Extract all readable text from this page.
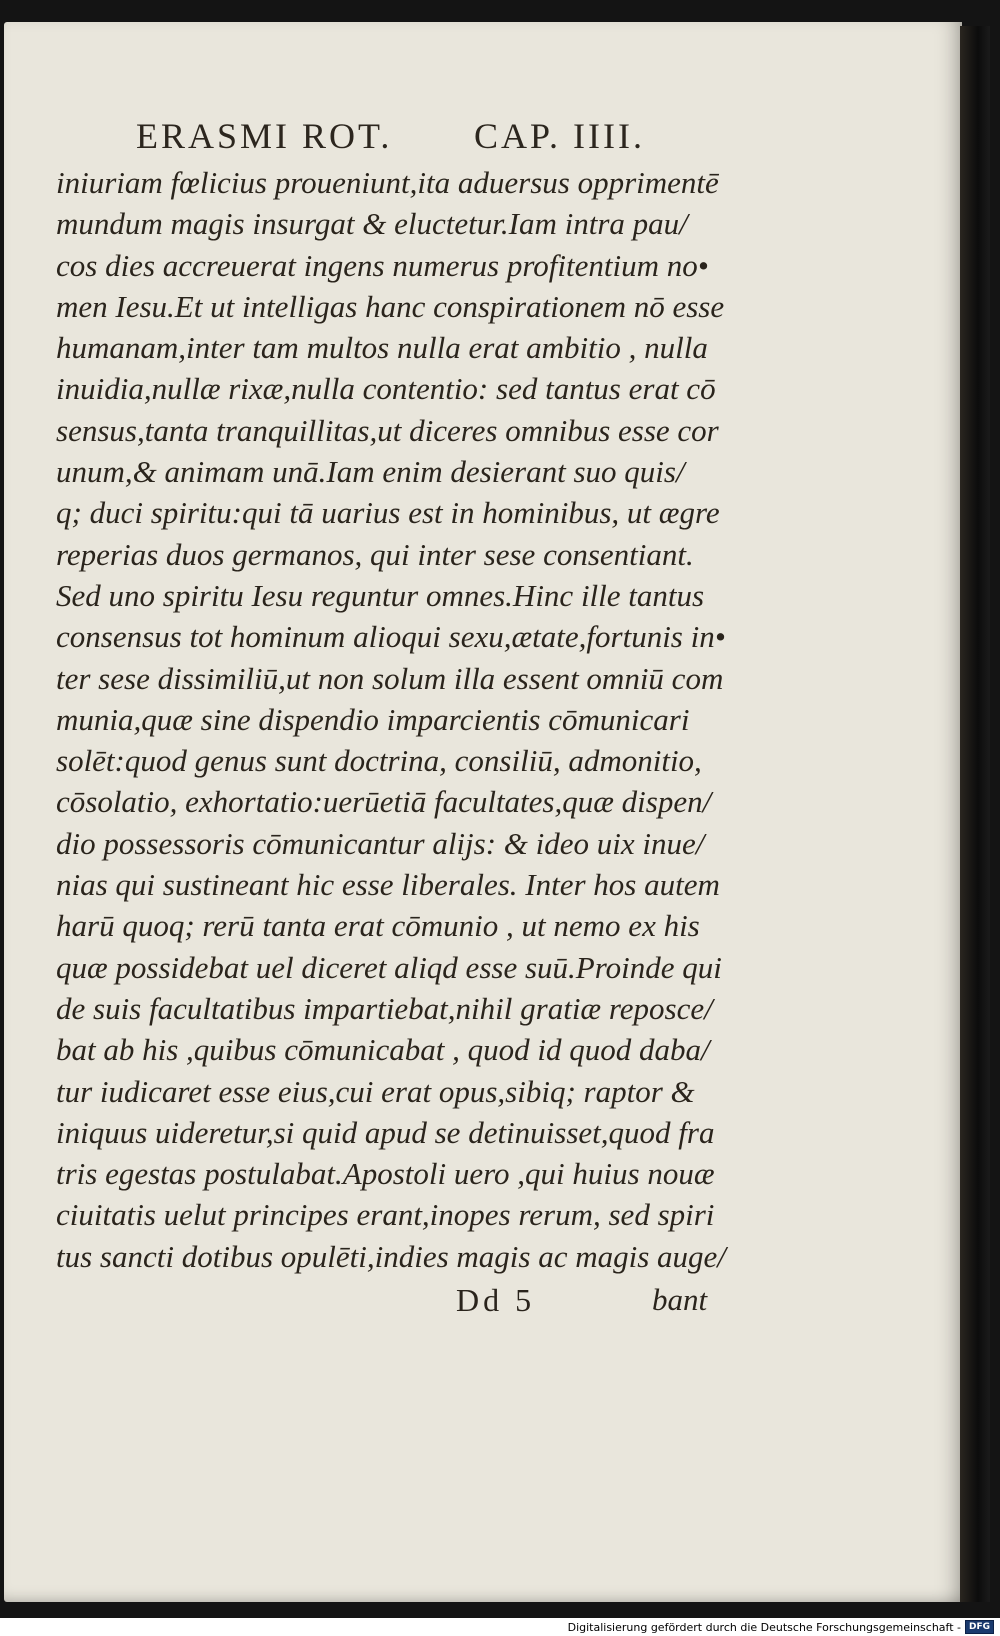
ERASMI ROT. CAP. IIII.
iniuriam fœlicius proueniunt,ita aduersus opprimentē
mundum magis insurgat & eluctetur.Iam intra pau/
cos dies accreuerat ingens numerus profitentium no•
men Iesu.Et ut intelligas hanc conspirationem nō esse
humanam,inter tam multos nulla erat ambitio , nulla
inuidia,nullæ rixæ,nulla contentio: sed tantus erat cō
sensus,tanta tranquillitas,ut diceres omnibus esse cor
unum,& animam unā.Iam enim desierant suo quis/
q; duci spiritu:qui tā uarius est in hominibus, ut ægre
reperias duos germanos, qui inter sese consentiant.
Sed uno spiritu Iesu reguntur omnes.Hinc ille tantus
consensus tot hominum alioqui sexu,ætate,fortunis in•
ter sese dissimiliū,ut non solum illa essent omniū com
munia,quæ sine dispendio imparcientis cōmunicari
solēt:quod genus sunt doctrina, consiliū, admonitio,
cōsolatio, exhortatio:uerūetiā facultates,quæ dispen/
dio possessoris cōmunicantur alijs: & ideo uix inue/
nias qui sustineant hic esse liberales. Inter hos autem
harū quoq; rerū tanta erat cōmunio , ut nemo ex his
quæ possidebat uel diceret aliqd esse suū.Proinde qui
de suis facultatibus impartiebat,nihil gratiæ reposce/
bat ab his ,quibus cōmunicabat , quod id quod daba/
tur iudicaret esse eius,cui erat opus,sibiq; raptor &
iniquus uideretur,si quid apud se detinuisset,quod fra
tris egestas postulabat.Apostoli uero ,qui huius nouæ
ciuitatis uelut principes erant,inopes rerum, sed spiri
tus sancti dotibus opulēti,indies magis ac magis auge/
Dd 5	bant
Digitalisierung gefördert durch die Deutsche Forschungsgemeinschaft - DFG
